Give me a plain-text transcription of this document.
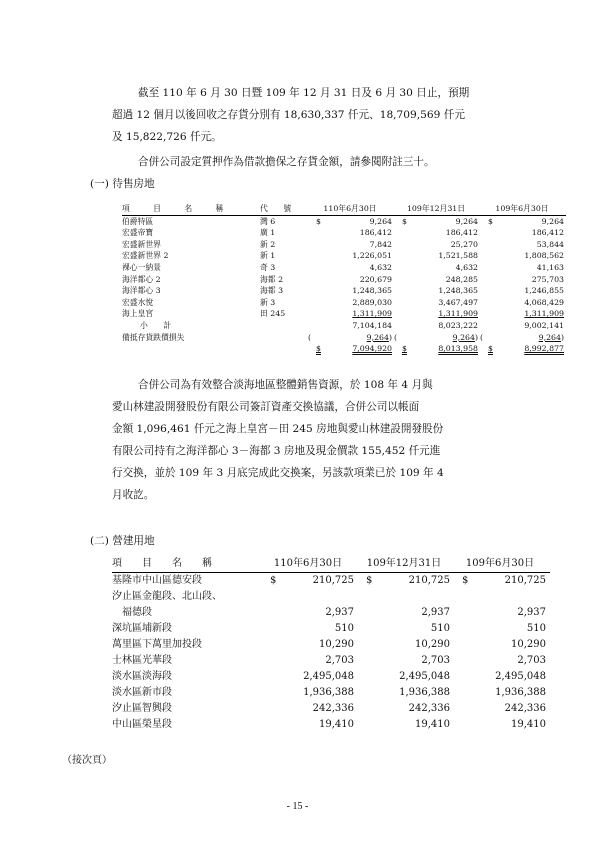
截至 110 年 6 月 30 日暨 109 年 12 月 31 日及 6 月 30 日止，預期
超過 12 個月以後回收之存貨分別有 18,630,337 仟元、18,709,569 仟元
及 15,822,726 仟元。
合併公司設定質押作為借款擔保之存貨金額，請參閱附註三十。
(一) 待售房地
項　　　目　　　名　　　稱	代　　號	110年6月30日	109年12月31日	109年6月30日
伯爵特區	灣 6	$ 9,264	$ 9,264	$ 9,264
宏盛帝寶	廣 1	186,412	186,412	186,412
宏盛新世界	新 2	7,842	25,270	53,844
宏盛新世界 2	新 1	1,226,051	1,521,588	1,808,562
裸心一納景	奇 3	4,632	4,632	41,163
海洋都心 2	海都 2	220,679	248,285	275,703
海洋都心 3	海都 3	1,248,365	1,248,365	1,246,855
宏盛水悅	新 3	2,889,030	3,467,497	4,068,429
海上皇宮	田 245	1,311,909	1,311,909	1,311,909
小　　計		7,104,184	8,023,222	9,002,141
備抵存貨跌價損失		( 9,264)	( 9,264)	( 9,264)

		$ 7,094,920	$ 8,013,958	$ 8,992,877
合併公司為有效整合淡海地區整體銷售資源，於 108 年 4 月與
愛山林建設開發股份有限公司簽訂資產交換協議，合併公司以帳面
金額 1,096,461 仟元之海上皇宮－田 245 房地與愛山林建設開發股份
有限公司持有之海洋都心 3－海都 3 房地及現金價款 155,452 仟元進
行交換，並於 109 年 3 月底完成此交換案，另該款項業已於 109 年 4
月收訖。
(二) 營建用地
項　　目　　名　　稱	110年6月30日	109年12月31日	109年6月30日
基隆市中山區德安段	$ 210,725	$ 210,725	$ 210,725
汐止區金龍段、北山段、			
　福德段	2,937	2,937	2,937
深坑區埔新段	510	510	510
萬里區下萬里加投段	10,290	10,290	10,290
士林區光華段	2,703	2,703	2,703
淡水區淡海段	2,495,048	2,495,048	2,495,048
淡水區新市段	1,936,388	1,936,388	1,936,388
汐止區智興段	242,336	242,336	242,336
中山區榮星段	19,410	19,410	19,410
（接次頁）
- 15 -
